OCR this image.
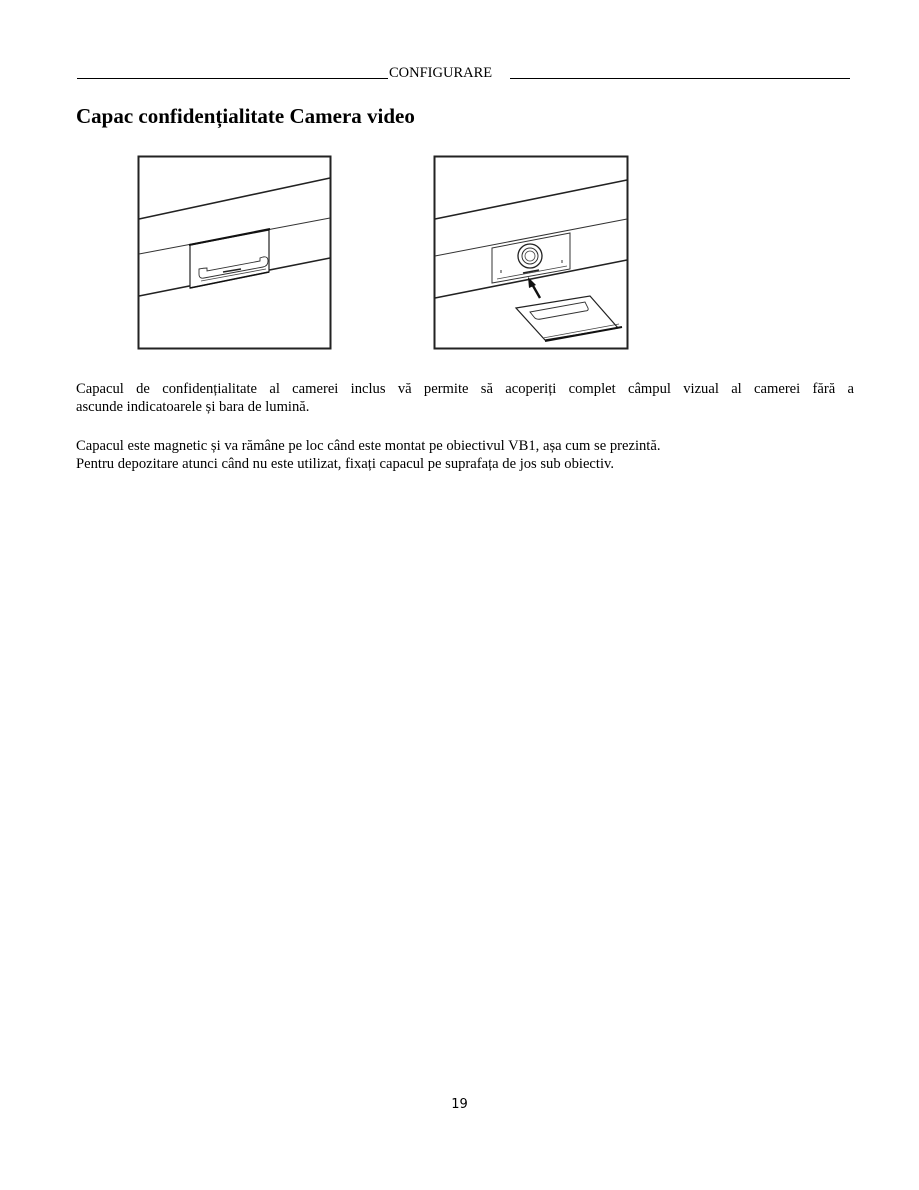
CONFIGURARE
Capac confidențialitate Camera video

Capacul de confidențialitate al camerei inclus vă permite să acoperiți complet câmpul vizual al camerei fără a
ascunde indicatoarele și bara de lumină.

Capacul este magnetic și va rămâne pe loc când este montat pe obiectivul VB1, așa cum se prezintă.
Pentru depozitare atunci când nu este utilizat, fixați capacul pe suprafața de jos sub obiectiv.

19
